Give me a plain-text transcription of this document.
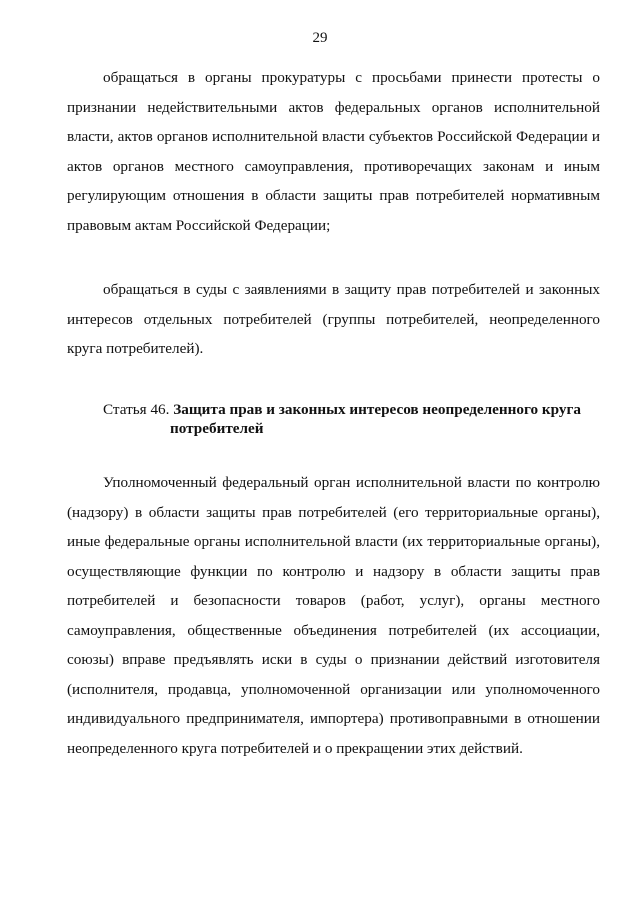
29

обращаться в органы прокуратуры с просьбами принести протесты о признании недействительными актов федеральных органов исполнительной власти, актов органов исполнительной власти субъектов Российской Федерации и актов органов местного самоуправления, противоречащих законам и иным регулирующим отношения в области защиты прав потребителей нормативным правовым актам Российской Федерации;

обращаться в суды с заявлениями в защиту прав потребителей и законных интересов отдельных потребителей (группы потребителей, неопределенного круга потребителей).

Статья 46. Защита прав и законных интересов неопределенного круга
потребителей

Уполномоченный федеральный орган исполнительной власти по контролю (надзору) в области защиты прав потребителей (его территориальные органы), иные федеральные органы исполнительной власти (их территориальные органы), осуществляющие функции по контролю и надзору в области защиты прав потребителей и безопасности товаров (работ, услуг), органы местного самоуправления, общественные объединения потребителей (их ассоциации, союзы) вправе предъявлять иски в суды о признании действий изготовителя (исполнителя, продавца, уполномоченной организации или уполномоченного индивидуального предпринимателя, импортера) противоправными в отношении неопределенного круга потребителей и о прекращении этих действий.
